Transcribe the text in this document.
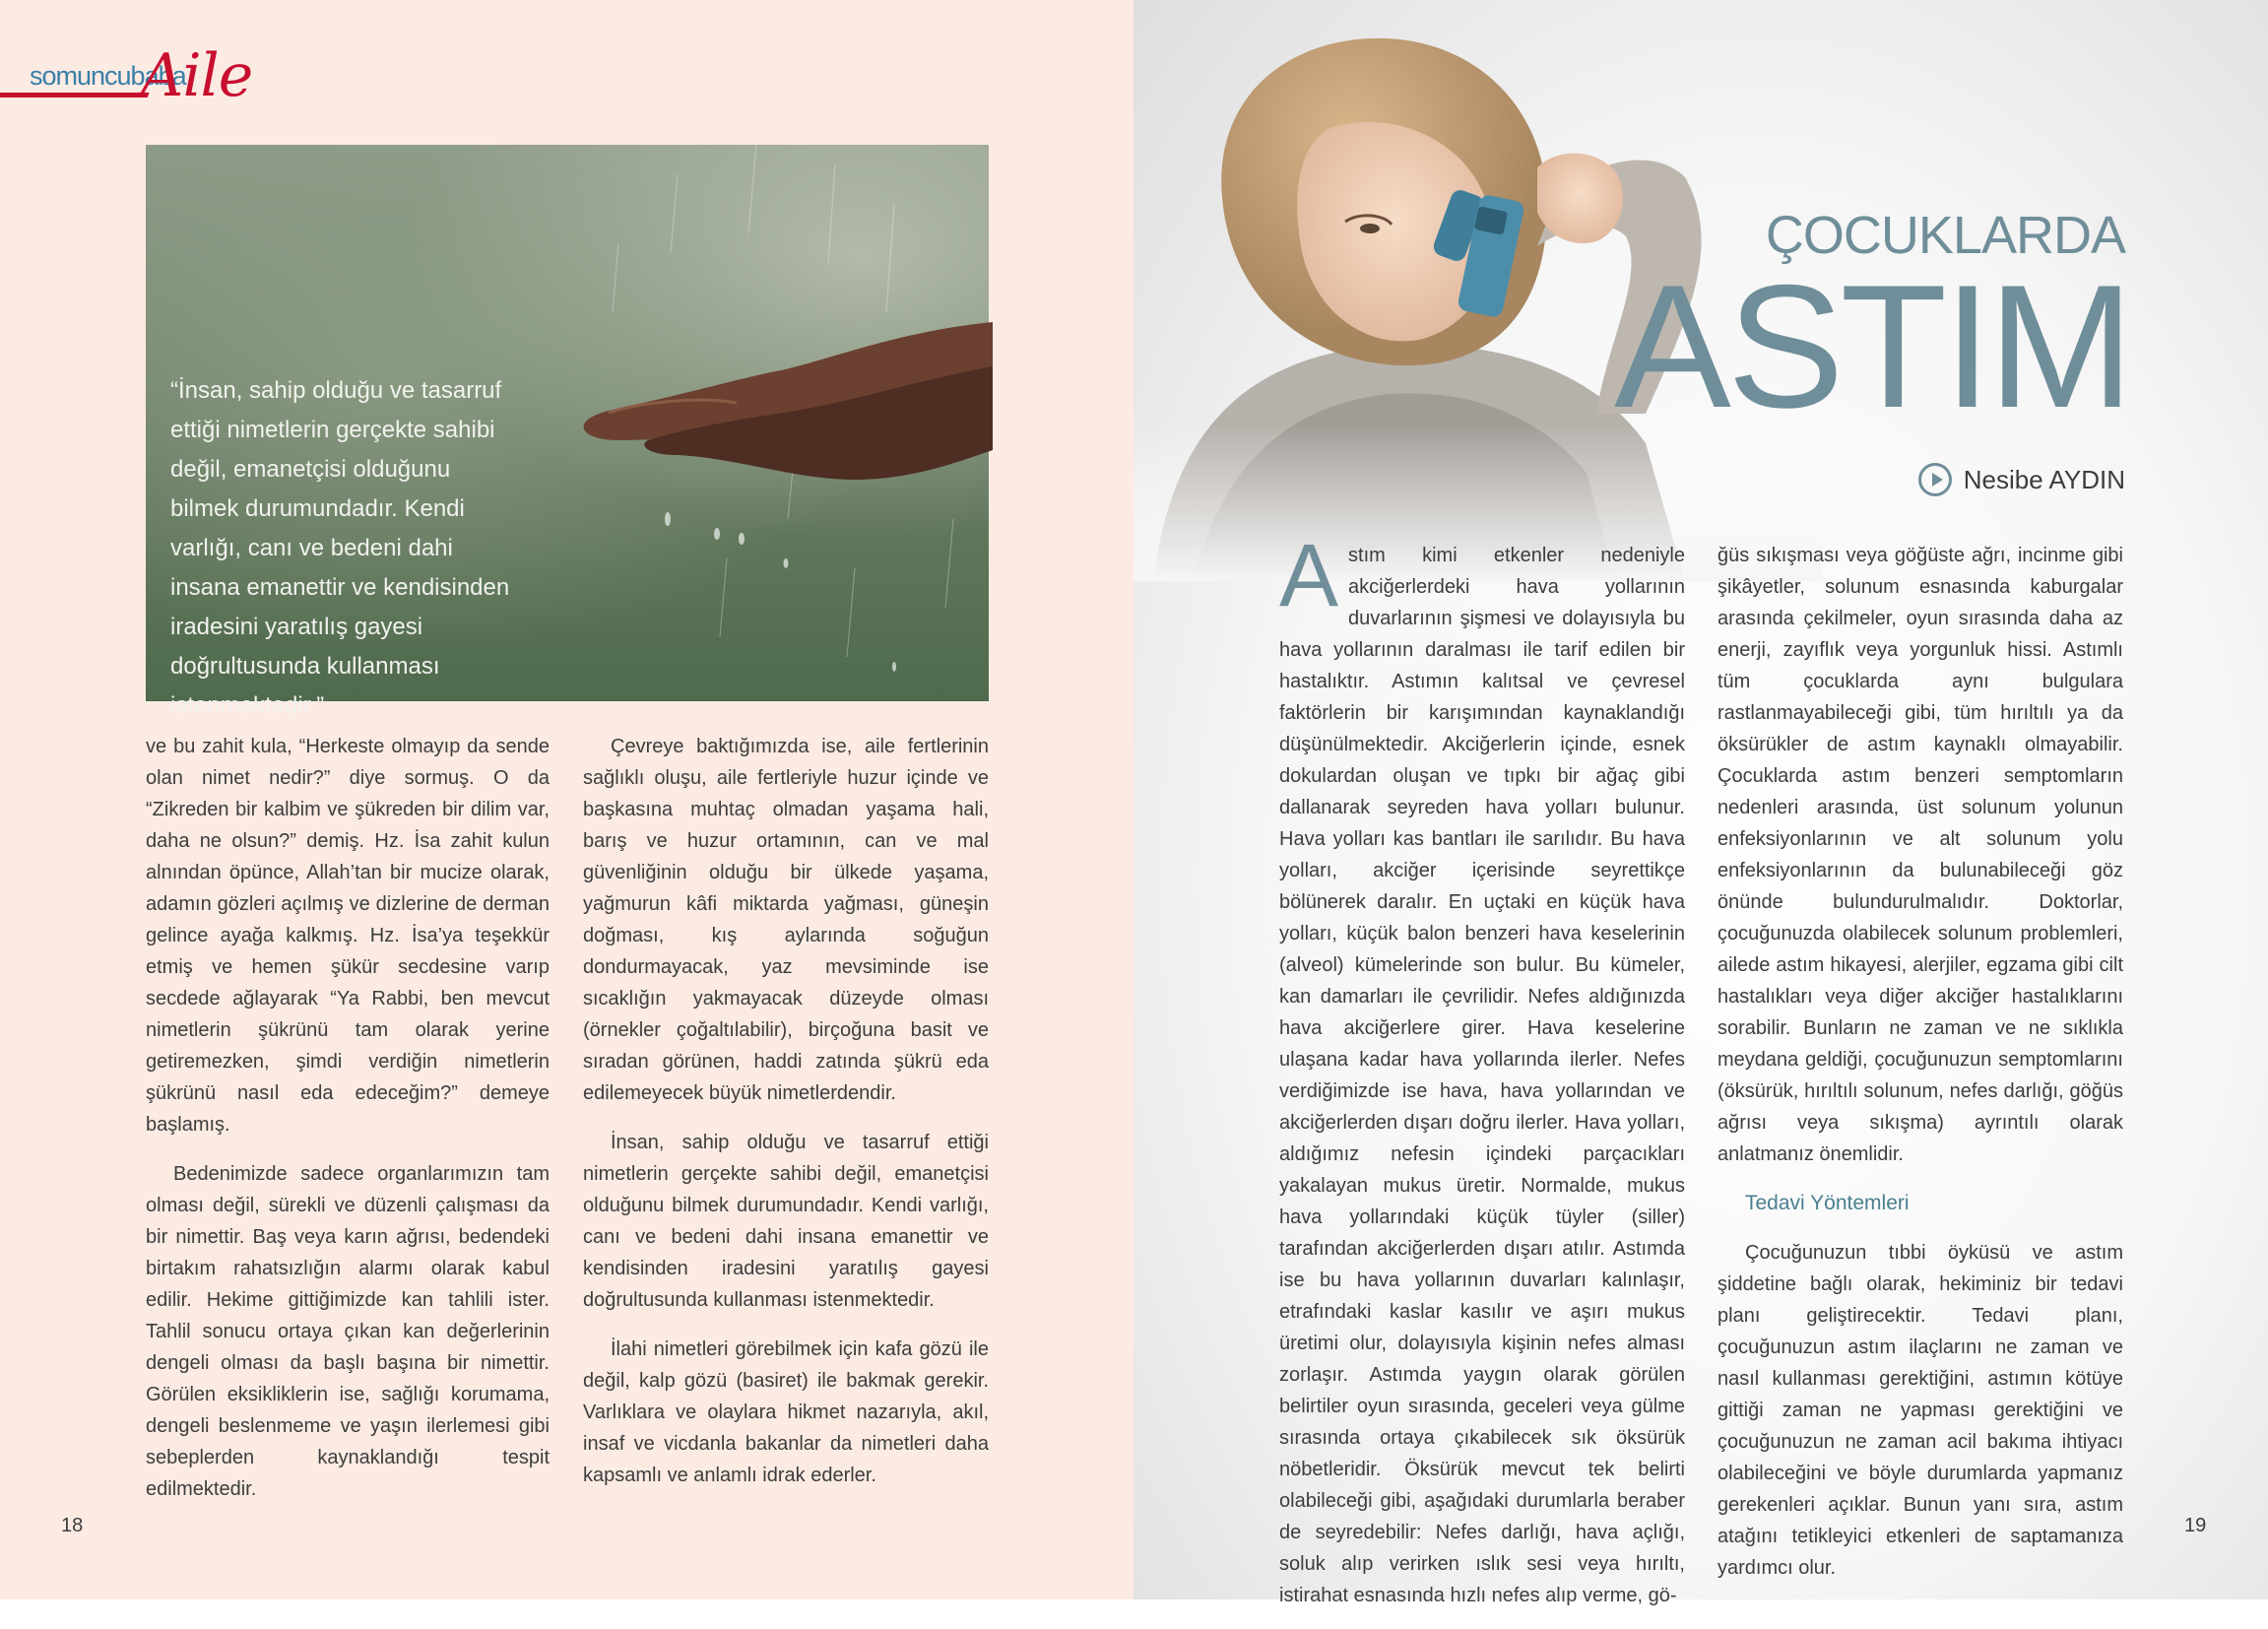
somuncubaba
Aile
“İnsan, sahip olduğu ve tasarruf ettiği nimetlerin gerçekte sahibi değil, emanetçisi olduğunu bilmek durumundadır. Kendi varlığı, canı ve bedeni dahi insana emanettir ve kendisinden iradesini yaratılış gayesi doğrultusunda kullanması istenmektedir.”

ve bu zahit kula, “Herkeste olmayıp da sende olan nimet nedir?” diye sormuş. O da “Zikreden bir kalbim ve şükreden bir dilim var, daha ne olsun?” demiş. Hz. İsa zahit kulun alnından öpünce, Allah’tan bir mucize olarak, adamın gözleri açılmış ve dizlerine de derman gelince ayağa kalkmış. Hz. İsa’ya teşekkür etmiş ve hemen şükür secdesine varıp secdede ağlayarak “Ya Rabbi, ben mevcut nimetlerin şükrünü tam olarak yerine getiremezken, şimdi verdiğin nimetlerin şükrünü nasıl eda edeceğim?” demeye başlamış.

Bedenimizde sadece organlarımızın tam olması değil, sürekli ve düzenli çalışması da bir nimettir. Baş veya karın ağrısı, bedendeki birtakım rahatsızlığın alarmı olarak kabul edilir. Hekime gittiğimizde kan tahlili ister. Tahlil sonucu ortaya çıkan kan değerlerinin dengeli olması da başlı başına bir nimettir. Görülen eksikliklerin ise, sağlığı korumama, dengeli beslenmeme ve yaşın ilerlemesi gibi sebeplerden kaynaklandığı tespit edilmektedir.

Çevreye baktığımızda ise, aile fertlerinin sağlıklı oluşu, aile fertleriyle huzur içinde ve başkasına muhtaç olmadan yaşama hali, barış ve huzur ortamının, can ve mal güvenliğinin olduğu bir ülkede yaşama, yağmurun kâfi miktarda yağması, güneşin doğması, kış aylarında soğuğun dondurmayacak, yaz mevsiminde ise sıcaklığın yakmayacak düzeyde olması (örnekler çoğaltılabilir), birçoğuna basit ve sıradan görünen, haddi zatında şükrü eda edilemeyecek büyük nimetlerdendir.

İnsan, sahip olduğu ve tasarruf ettiği nimetlerin gerçekte sahibi değil, emanetçisi olduğunu bilmek durumundadır. Kendi varlığı, canı ve bedeni dahi insana emanettir ve kendisinden iradesini yaratılış gayesi doğrultusunda kullanması istenmektedir.

İlahi nimetleri görebilmek için kafa gözü ile değil, kalp gözü (basiret) ile bakmak gerekir. Varlıklara ve olaylara hikmet nazarıyla, akıl, insaf ve vicdanla bakanlar da nimetleri daha kapsamlı ve anlamlı idrak ederler.

18
ÇOCUKLARDA
ASTIM
Nesibe AYDIN
A stım kimi etkenler nedeniyle akciğerlerdeki hava yollarının duvarlarının şişmesi ve dolayısıyla bu hava yollarının daralması ile tarif edilen bir hastalıktır. Astımın kalıtsal ve çevresel faktörlerin bir karışımından kaynaklandığı düşünülmektedir. Akciğerlerin içinde, esnek dokulardan oluşan ve tıpkı bir ağaç gibi dallanarak seyreden hava yolları bulunur. Hava yolları kas bantları ile sarılıdır. Bu hava yolları, akciğer içerisinde seyrettikçe bölünerek daralır. En uçtaki en küçük hava yolları, küçük balon benzeri hava keselerinin (alveol) kümelerinde son bulur. Bu kümeler, kan damarları ile çevrilidir. Nefes aldığınızda hava akciğerlere girer. Hava keselerine ulaşana kadar hava yollarında ilerler. Nefes verdiğimizde ise hava, hava yollarından ve akciğerlerden dışarı doğru ilerler. Hava yolları, aldığımız nefesin içindeki parçacıkları yakalayan mukus üretir. Normalde, mukus hava yollarındaki küçük tüyler (siller) tarafından akciğerlerden dışarı atılır. Astımda ise bu hava yollarının duvarları kalınlaşır, etrafındaki kaslar kasılır ve aşırı mukus üretimi olur, dolayısıyla kişinin nefes alması zorlaşır. Astımda yaygın olarak görülen belirtiler oyun sırasında, geceleri veya gülme sırasında ortaya çıkabilecek sık öksürük nöbetleridir. Öksürük mevcut tek belirti olabileceği gibi, aşağıdaki durumlarla beraber de seyredebilir: Nefes darlığı, hava açlığı, soluk alıp verirken ıslık sesi veya hırıltı, istirahat esnasında hızlı nefes alıp verme, gö-

ğüs sıkışması veya göğüste ağrı, incinme gibi şikâyetler, solunum esnasında kaburgalar arasında çekilmeler, oyun sırasında daha az enerji, zayıflık veya yorgunluk hissi. Astımlı tüm çocuklarda aynı bulgulara rastlanmayabileceği gibi, tüm hırıltılı ya da öksürükler de astım kaynaklı olmayabilir. Çocuklarda astım benzeri semptomların nedenleri arasında, üst solunum yolunun enfeksiyonlarının ve alt solunum yolu enfeksiyonlarının da bulunabileceği göz önünde bulundurulmalıdır. Doktorlar, çocuğunuzda olabilecek solunum problemleri, ailede astım hikayesi, alerjiler, egzama gibi cilt hastalıkları veya diğer akciğer hastalıklarını sorabilir. Bunların ne zaman ve ne sıklıkla meydana geldiği, çocuğunuzun semptomlarını (öksürük, hırıltılı solunum, nefes darlığı, göğüs ağrısı veya sıkışma) ayrıntılı olarak anlatmanız önemlidir.

Tedavi Yöntemleri

Çocuğunuzun tıbbi öyküsü ve astım şiddetine bağlı olarak, hekiminiz bir tedavi planı geliştirecektir. Tedavi planı, çocuğunuzun astım ilaçlarını ne zaman ve nasıl kullanması gerektiğini, astımın kötüye gittiği zaman ne yapması gerektiğini ve çocuğunuzun ne zaman acil bakıma ihtiyacı olabileceğini ve böyle durumlarda yapmanız gerekenleri açıklar. Bunun yanı sıra, astım atağını tetikleyici etkenleri de saptamanıza yardımcı olur.

19
